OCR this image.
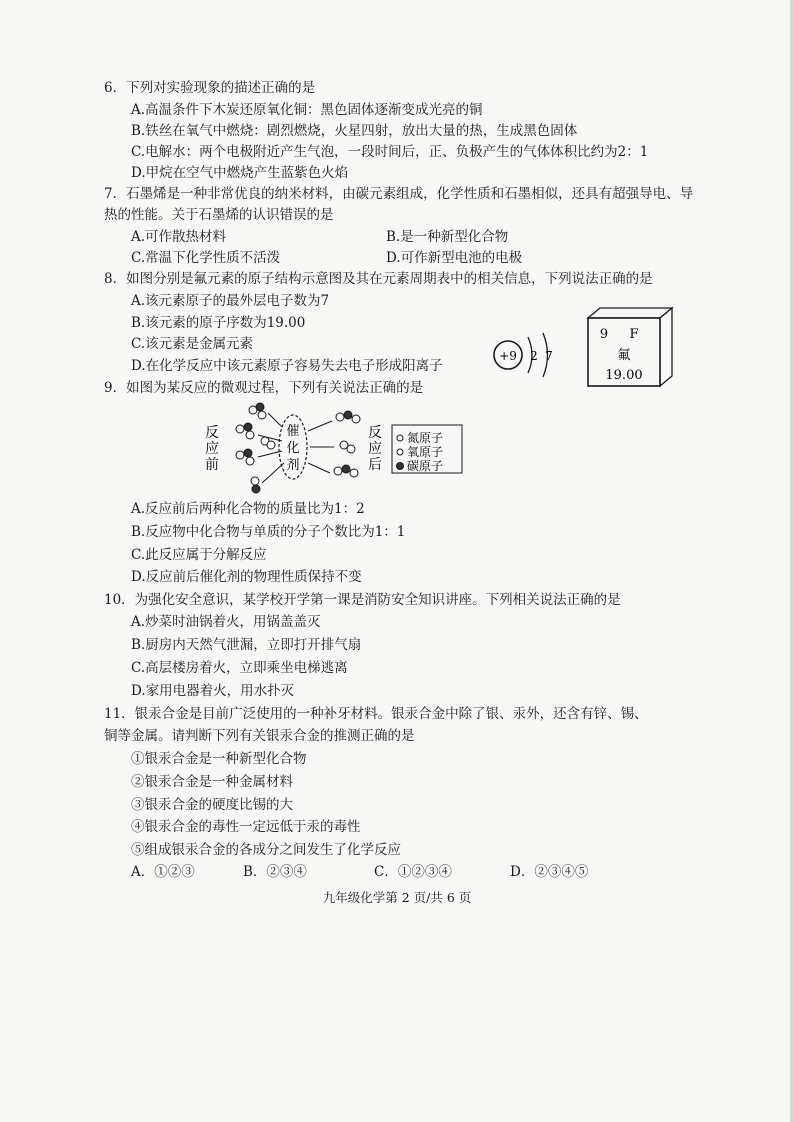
6．下列对实验现象的描述正确的是
A.高温条件下木炭还原氧化铜：黑色固体逐渐变成光亮的铜
B.铁丝在氧气中燃烧：剧烈燃烧，火星四射，放出大量的热，生成黑色固体
C.电解水：两个电极附近产生气泡，一段时间后，正、负极产生的气体体积比约为2：1
D.甲烷在空气中燃烧产生蓝紫色火焰
7．石墨烯是一种非常优良的纳米材料，由碳元素组成，化学性质和石墨相似，还具有超强导电、导
热的性能。关于石墨烯的认识错误的是
A.可作散热材料	B.是一种新型化合物
C.常温下化学性质不活泼	D.可作新型电池的电极
8．如图分别是氟元素的原子结构示意图及其在元素周期表中的相关信息，下列说法正确的是
A.该元素原子的最外层电子数为7
B.该元素的原子序数为19.00
C.该元素是金属元素
D.在化学反应中该元素原子容易失去电子形成阳离子
+9 2 7
9 F
氟
19.00
9．如图为某反应的微观过程，下列有关说法正确的是
反应前
催
化
剂
反应后
氮原子
氧原子
碳原子
A.反应前后两种化合物的质量比为1：2
B.反应物中化合物与单质的分子个数比为1：1
C.此反应属于分解反应
D.反应前后催化剂的物理性质保持不变
10．为强化安全意识，某学校开学第一课是消防安全知识讲座。下列相关说法正确的是
A.炒菜时油锅着火，用锅盖盖灭
B.厨房内天然气泄漏，立即打开排气扇
C.高层楼房着火，立即乘坐电梯逃离
D.家用电器着火，用水扑灭
11．银汞合金是目前广泛使用的一种补牙材料。银汞合金中除了银、汞外，还含有锌、锡、
铜等金属。请判断下列有关银汞合金的推测正确的是
①银汞合金是一种新型化合物
②银汞合金是一种金属材料
③银汞合金的硬度比锡的大
④银汞合金的毒性一定远低于汞的毒性
⑤组成银汞合金的各成分之间发生了化学反应
A．①②③	B．②③④	C．①②③④	D．②③④⑤
九年级化学第 2 页/共 6 页
